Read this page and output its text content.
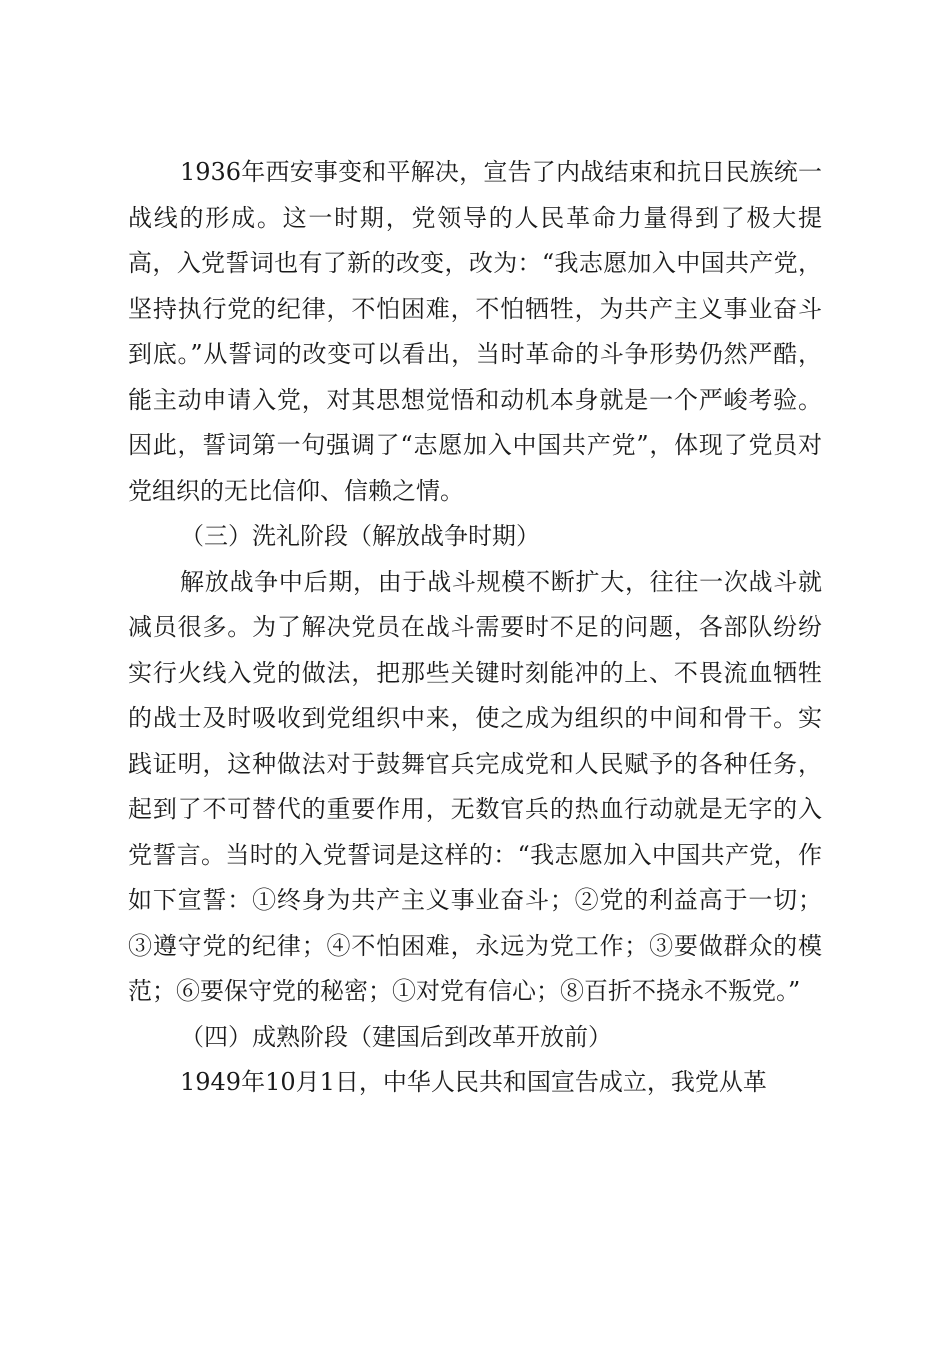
1936年西安事变和平解决，宣告了内战结束和抗日民族统一战线的形成。这一时期，党领导的人民革命力量得到了极大提高，入党誓词也有了新的改变，改为：“我志愿加入中国共产党，坚持执行党的纪律，不怕困难，不怕牺牲，为共产主义事业奋斗到底。”从誓词的改变可以看出，当时革命的斗争形势仍然严酷，能主动申请入党，对其思想觉悟和动机本身就是一个严峻考验。因此，誓词第一句强调了“志愿加入中国共产党”，体现了党员对党组织的无比信仰、信赖之情。

（三）洗礼阶段（解放战争时期）

解放战争中后期，由于战斗规模不断扩大，往往一次战斗就减员很多。为了解决党员在战斗需要时不足的问题，各部队纷纷实行火线入党的做法，把那些关键时刻能冲的上、不畏流血牺牲的战士及时吸收到党组织中来，使之成为组织的中间和骨干。实践证明，这种做法对于鼓舞官兵完成党和人民赋予的各种任务，起到了不可替代的重要作用，无数官兵的热血行动就是无字的入党誓言。当时的入党誓词是这样的：“我志愿加入中国共产党，作如下宣誓：①终身为共产主义事业奋斗；②党的利益高于一切；③遵守党的纪律；④不怕困难，永远为党工作；③要做群众的模范；⑥要保守党的秘密；①对党有信心；⑧百折不挠永不叛党。”

（四）成熟阶段（建国后到改革开放前）

1949年10月1日，中华人民共和国宣告成立，我党从革
